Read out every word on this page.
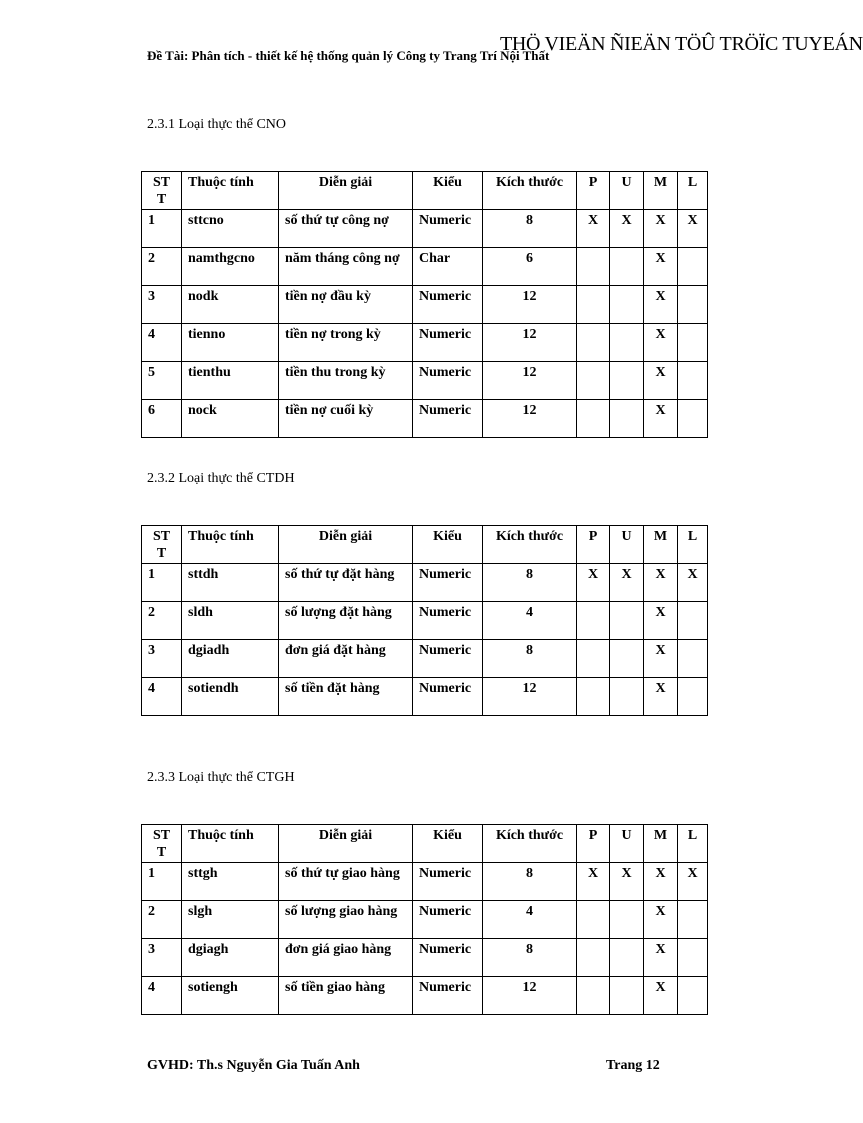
THÖ VIEÄN ÑIEÄN TÖÛ TRÖÏC TUYEÁN
Đề Tài: Phân tích - thiết kế hệ thống quản lý Công ty Trang Trí Nội Thất
2.3.1 Loại thực thể CNO
ST T	Thuộc tính	Diễn giải	Kiểu	Kích thước	P	U	M	L
1	sttcno	số thứ tự công nợ	Numeric	8	X	X	X	X
2	namthgcno	năm tháng công nợ	Char	6			X	
3	nodk	tiền nợ đầu kỳ	Numeric	12			X	
4	tienno	tiền nợ trong kỳ	Numeric	12			X	
5	tienthu	tiền thu trong kỳ	Numeric	12			X	
6	nock	tiền nợ cuối kỳ	Numeric	12			X	
2.3.2 Loại thực thể CTDH
ST T	Thuộc tính	Diễn giải	Kiểu	Kích thước	P	U	M	L
1	sttdh	số thứ tự đặt hàng	Numeric	8	X	X	X	X
2	sldh	số lượng đặt hàng	Numeric	4			X	
3	dgiadh	đơn giá đặt hàng	Numeric	8			X	
4	sotiendh	số tiền đặt hàng	Numeric	12			X	
2.3.3 Loại thực thể CTGH
ST T	Thuộc tính	Diễn giải	Kiểu	Kích thước	P	U	M	L
1	sttgh	số thứ tự giao hàng	Numeric	8	X	X	X	X
2	slgh	số lượng giao hàng	Numeric	4			X	
3	dgiagh	đơn giá giao hàng	Numeric	8			X	
4	sotiengh	số tiền giao hàng	Numeric	12			X	
GVHD: Th.s Nguyễn Gia Tuấn Anh	Trang 12
